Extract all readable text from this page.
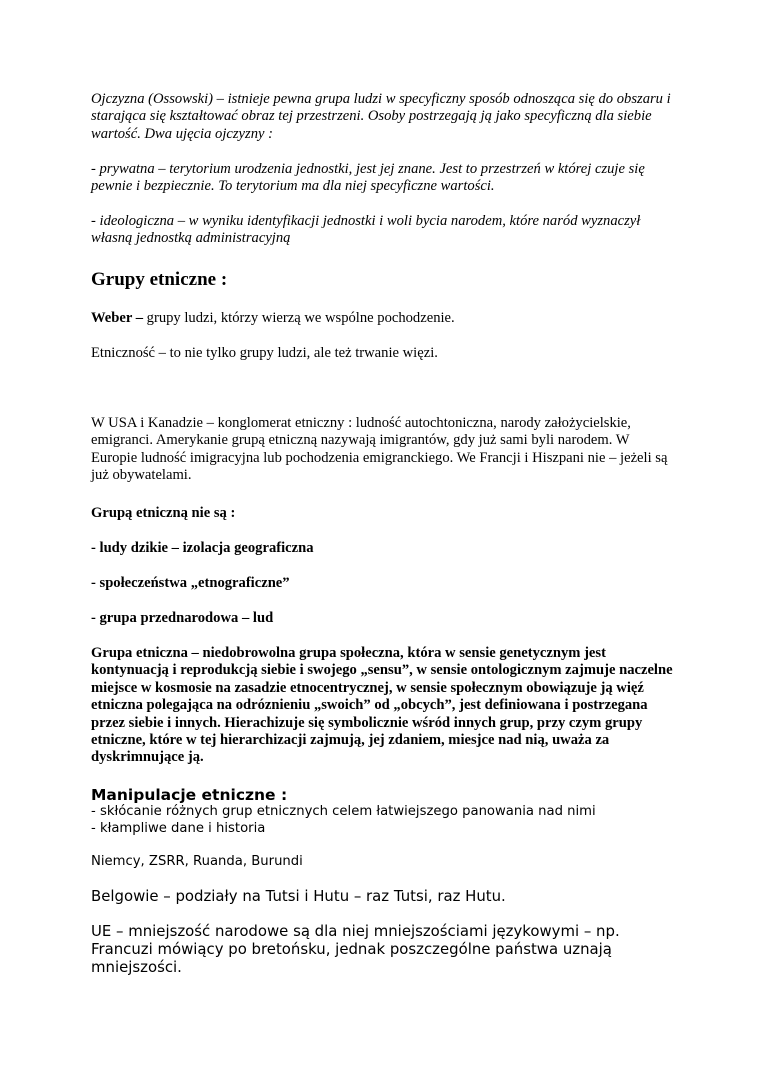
Ojczyzna (Ossowski) – istnieje pewna grupa ludzi w specyficzny sposób odnosząca się do obszaru i starająca się kształtować obraz tej przestrzeni. Osoby postrzegają ją jako specyficzną dla siebie wartość. Dwa ujęcia ojczyzny :

- prywatna – terytorium urodzenia jednostki, jest jej znane. Jest to przestrzeń w której czuje się pewnie i bezpiecznie. To terytorium ma dla niej specyficzne wartości.

- ideologiczna – w wyniku identyfikacji jednostki i woli bycia narodem, które naród wyznaczył własną jednostką administracyjną

Grupy etniczne :

Weber – grupy ludzi, którzy wierzą we wspólne pochodzenie.

Etniczność – to nie tylko grupy ludzi, ale też trwanie więzi.

W USA i Kanadzie – konglomerat etniczny : ludność autochtoniczna, narody założycielskie, emigranci. Amerykanie grupą etniczną nazywają imigrantów, gdy już sami byli narodem. W Europie ludność imigracyjna lub pochodzenia emigranckiego. We Francji i Hiszpani nie – jeżeli są już obywatelami.

Grupą etniczną nie są :

- ludy dzikie – izolacja geograficzna

- społeczeństwa „etnograficzne”

- grupa przednarodowa – lud

Grupa etniczna – niedobrowolna grupa społeczna, która w sensie genetycznym jest kontynuacją i reprodukcją siebie i swojego „sensu”, w sensie ontologicznym zajmuje naczelne miejsce w kosmosie na zasadzie etnocentrycznej, w sensie społecznym obowiązuje ją więź etniczna polegająca na odróznieniu „swoich” od „obcych”, jest definiowana i postrzegana przez siebie i innych. Hierachizuje się symbolicznie wśród innych grup, przy czym grupy etniczne, które w tej hierarchizacji zajmują, jej zdaniem, miesjce nad nią, uważa za dyskrimnujące ją.

Manipulacje etniczne :

- skłócanie różnych grup etnicznych celem łatwiejszego panowania nad nimi

- kłampliwe dane i historia

Niemcy, ZSRR, Ruanda, Burundi

Belgowie – podziały na Tutsi i Hutu – raz Tutsi, raz Hutu.

UE – mniejszość narodowe są dla niej mniejszościami językowymi – np. Francuzi mówiący po bretońsku, jednak poszczególne państwa uznają mniejszości.
